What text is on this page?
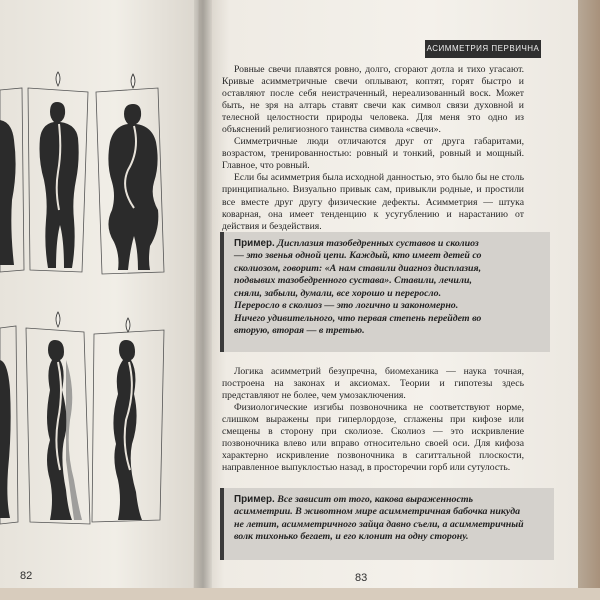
АСИММЕТРИЯ ПЕРВИЧНА

Ровные свечи плавятся ровно, долго, сгорают дотла и тихо угасают. Кривые асимметричные свечи оплывают, коптят, горят быстро и оставляют после себя неистраченный, нереализованный воск. Может быть, не зря на алтарь ставят свечи как символ связи духовной и телесной целостности природы человека. Для меня это одно из объяснений религиозного таинства символа «свечи».

Симметричные люди отличаются друг от друга габаритами, возрастом, тренированностью: ровный и тонкий, ровный и мощный. Главное, что ровный.

Если бы асимметрия была исходной данностью, это было бы не столь принципиально. Визуально привык сам, привыкли родные, и простили все вместе друг другу физические дефекты. Асимметрия — штука коварная, она имеет тенденцию к усугублению и нарастанию от действия и бездействия.

Пример. Дисплазия тазобедренных суставов и сколиоз — это звенья одной цепи. Каждый, кто имеет детей со сколиозом, говорит: «А нам ставили диагноз дисплазия, подвывих тазобедренного сустава». Ставили, лечили, сняли, забыли, думали, все хорошо и переросло. Переросло в сколиоз — это логично и закономерно. Ничего удивительного, что первая степень перейдет во вторую, вторая — в третью.

Логика асимметрий безупречна, биомеханика — наука точная, построена на законах и аксиомах. Теории и гипотезы здесь представляют не более, чем умозаключения.

Физиологические изгибы позвоночника не соответствуют норме, слишком выражены при гиперлордозе, сглажены при кифозе или смещены в сторону при сколиозе. Сколиоз — это искривление позвоночника влево или вправо относительно своей оси. Для кифоза характерно искривление позвоночника в сагиттальной плоскости, направленное выпуклостью назад, в просторечии горб или сутулость.

Пример. Все зависит от того, какова выраженность асимметрии. В животном мире асимметричная бабочка никуда не летит, асимметричного зайца давно съели, а асимметричный волк тихонько бегает, и его клонит на одну сторону.
82	83
